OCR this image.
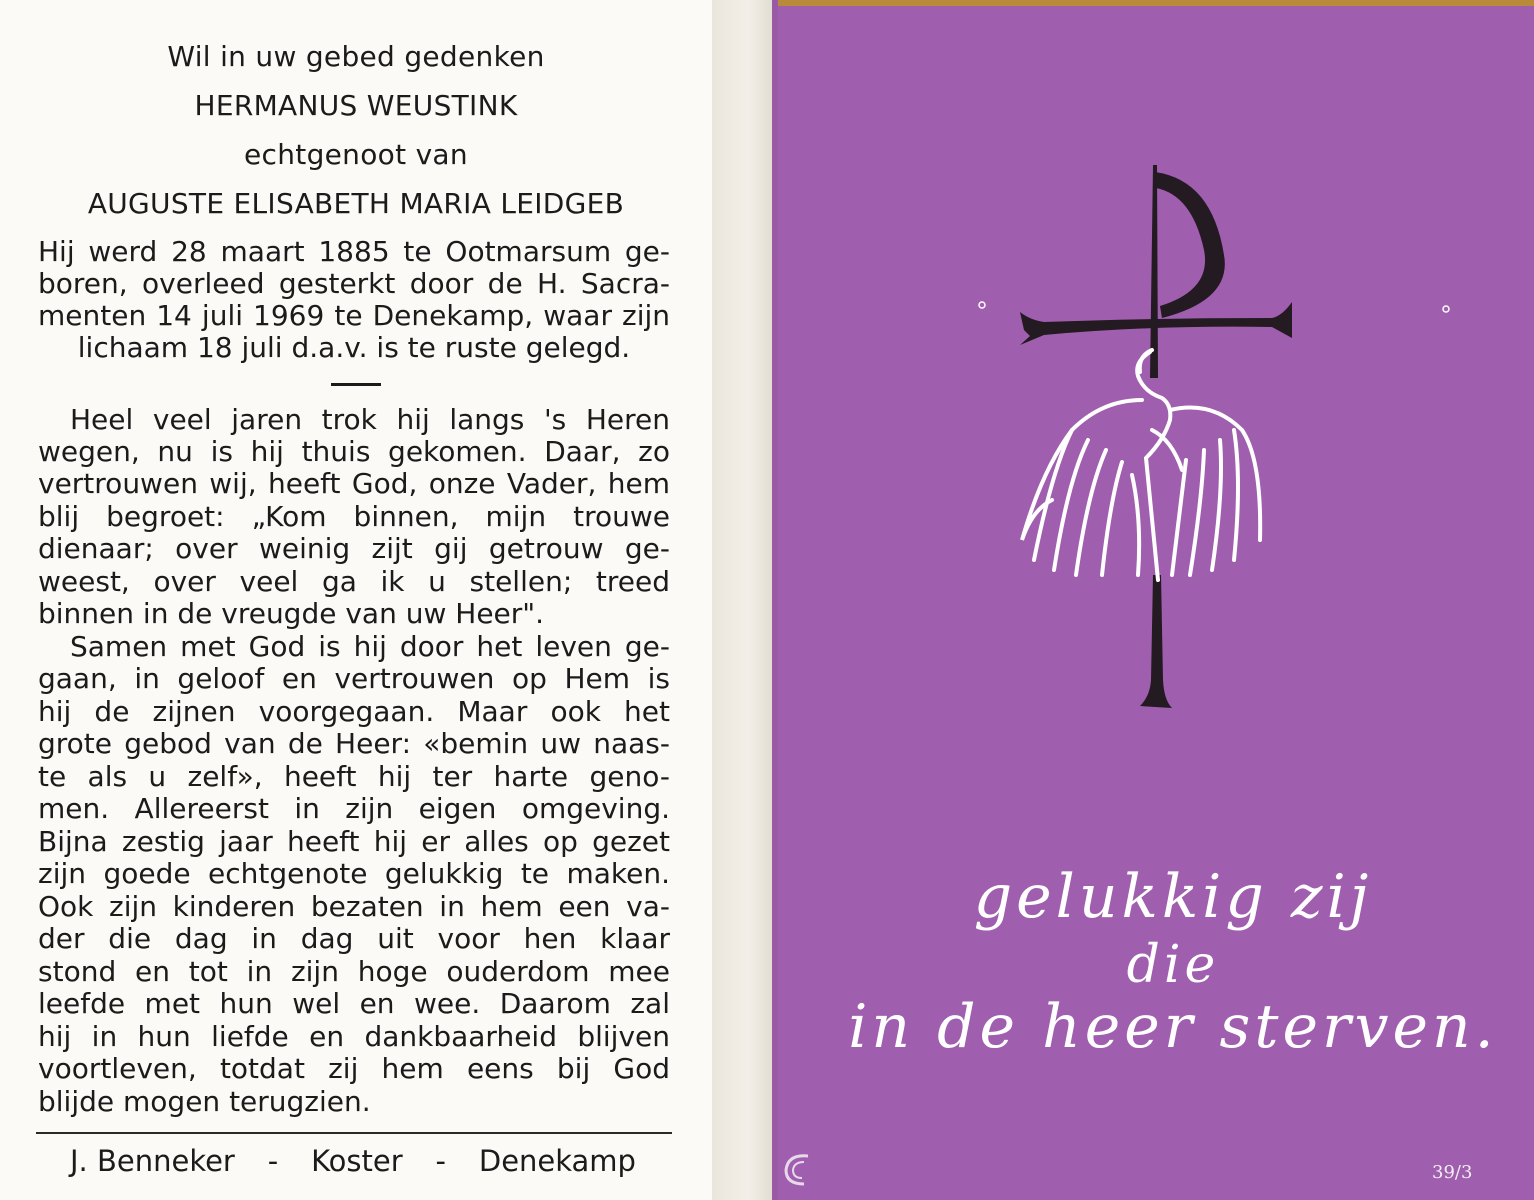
Wil in uw gebed gedenken
HERMANUS WEUSTINK
echtgenoot van
AUGUSTE ELISABETH MARIA LEIDGEB
Hij werd 28 maart 1885 te Ootmarsum ge-
boren, overleed gesterkt door de H. Sacra-
menten 14 juli 1969 te Denekamp, waar zijn
lichaam 18 juli d.a.v. is te ruste gelegd.
Heel veel jaren trok hij langs 's Heren
wegen, nu is hij thuis gekomen. Daar, zo
vertrouwen wij, heeft God, onze Vader, hem
blij begroet: „Kom binnen, mijn trouwe
dienaar; over weinig zijt gij getrouw ge-
weest, over veel ga ik u stellen; treed
binnen in de vreugde van uw Heer".
Samen met God is hij door het leven ge-
gaan, in geloof en vertrouwen op Hem is
hij de zijnen voorgegaan. Maar ook het
grote gebod van de Heer: «bemin uw naas-
te als u zelf», heeft hij ter harte geno-
men. Allereerst in zijn eigen omgeving.
Bijna zestig jaar heeft hij er alles op gezet
zijn goede echtgenote gelukkig te maken.
Ook zijn kinderen bezaten in hem een va-
der die dag in dag uit voor hen klaar
stond en tot in zijn hoge ouderdom mee
leefde met hun wel en wee. Daarom zal
hij in hun liefde en dankbaarheid blijven
voortleven, totdat zij hem eens bij God
blijde mogen terugzien.
J. Benneker - Koster - Denekamp
gelukkig zij
die
in de heer sterven.
39/3
